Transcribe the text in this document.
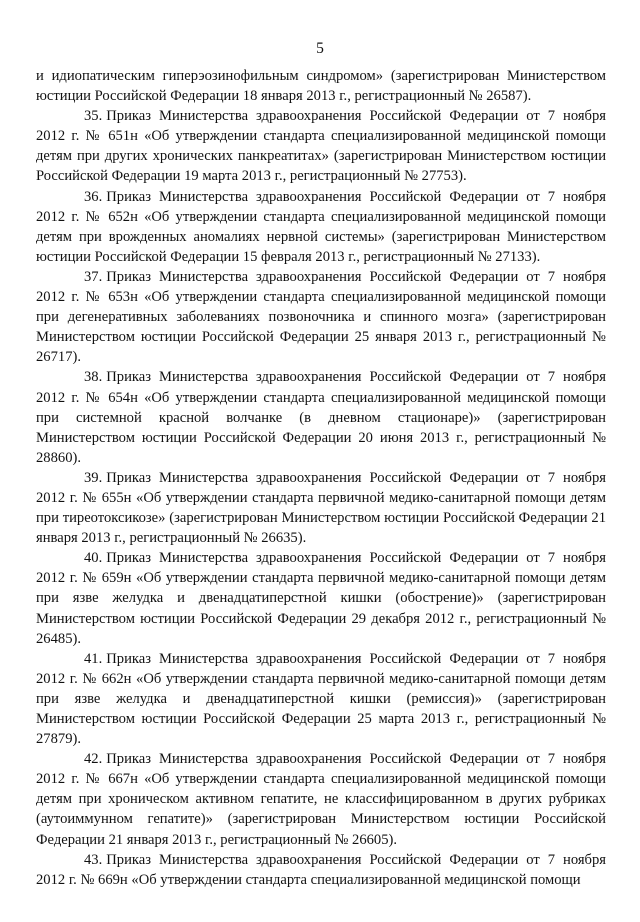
5

и идиопатическим гиперэозинофильным синдромом» (зарегистрирован Министерством юстиции Российской Федерации 18 января 2013 г., регистрационный № 26587).

35. Приказ Министерства здравоохранения Российской Федерации от 7 ноября 2012 г. № 651н «Об утверждении стандарта специализированной медицинской помощи детям при других хронических панкреатитах» (зарегистрирован Министерством юстиции Российской Федерации 19 марта 2013 г., регистрационный № 27753).

36. Приказ Министерства здравоохранения Российской Федерации от 7 ноября 2012 г. № 652н «Об утверждении стандарта специализированной медицинской помощи детям при врожденных аномалиях нервной системы» (зарегистрирован Министерством юстиции Российской Федерации 15 февраля 2013 г., регистрационный № 27133).

37. Приказ Министерства здравоохранения Российской Федерации от 7 ноября 2012 г. № 653н «Об утверждении стандарта специализированной медицинской помощи при дегенеративных заболеваниях позвоночника и спинного мозга» (зарегистрирован Министерством юстиции Российской Федерации 25 января 2013 г., регистрационный № 26717).

38. Приказ Министерства здравоохранения Российской Федерации от 7 ноября 2012 г. № 654н «Об утверждении стандарта специализированной медицинской помощи при системной красной волчанке (в дневном стационаре)» (зарегистрирован Министерством юстиции Российской Федерации 20 июня 2013 г., регистрационный № 28860).

39. Приказ Министерства здравоохранения Российской Федерации от 7 ноября 2012 г. № 655н «Об утверждении стандарта первичной медико-санитарной помощи детям при тиреотоксикозе» (зарегистрирован Министерством юстиции Российской Федерации 21 января 2013 г., регистрационный № 26635).

40. Приказ Министерства здравоохранения Российской Федерации от 7 ноября 2012 г. № 659н «Об утверждении стандарта первичной медико-санитарной помощи детям при язве желудка и двенадцатиперстной кишки (обострение)» (зарегистрирован Министерством юстиции Российской Федерации 29 декабря 2012 г., регистрационный № 26485).

41. Приказ Министерства здравоохранения Российской Федерации от 7 ноября 2012 г. № 662н «Об утверждении стандарта первичной медико-санитарной помощи детям при язве желудка и двенадцатиперстной кишки (ремиссия)» (зарегистрирован Министерством юстиции Российской Федерации 25 марта 2013 г., регистрационный № 27879).

42. Приказ Министерства здравоохранения Российской Федерации от 7 ноября 2012 г. № 667н «Об утверждении стандарта специализированной медицинской помощи детям при хроническом активном гепатите, не классифицированном в других рубриках (аутоиммунном гепатите)» (зарегистрирован Министерством юстиции Российской Федерации 21 января 2013 г., регистрационный № 26605).

43. Приказ Министерства здравоохранения Российской Федерации от 7 ноября 2012 г. № 669н «Об утверждении стандарта специализированной медицинской помощи
